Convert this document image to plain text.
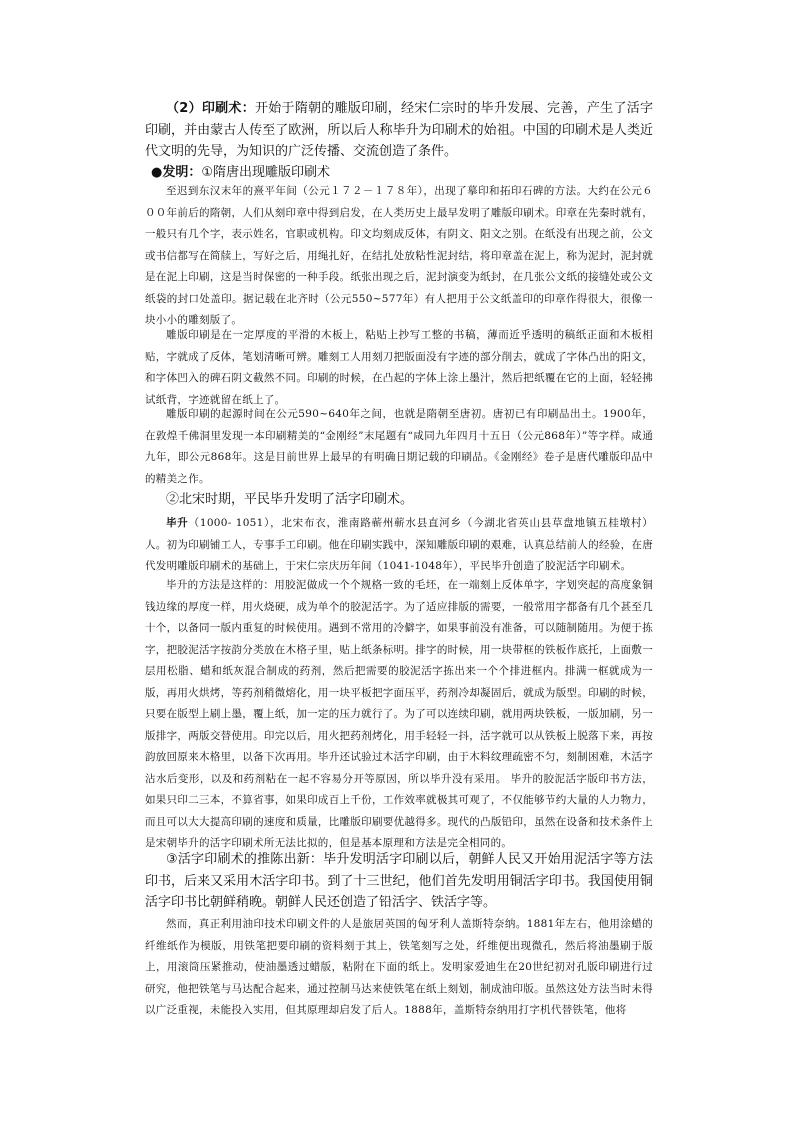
（2）印刷术：开始于隋朝的雕版印刷，经宋仁宗时的毕升发展、完善，产生了活字印刷，并由蒙古人传至了欧洲，所以后人称毕升为印刷术的始祖。中国的印刷术是人类近代文明的先导，为知识的广泛传播、交流创造了条件。

●发明：①隋唐出现雕版印刷术

至迟到东汉末年的熹平年间（公元１７２－１７８年），出现了摹印和拓印石碑的方法。大约在公元６００年前后的隋朝，人们从刻印章中得到启发，在人类历史上最早发明了雕版印刷术。印章在先秦时就有，一般只有几个字，表示姓名，官职或机构。印文均刻成反体，有阴文、阳文之别。在纸没有出现之前，公文或书信都写在简牍上，写好之后，用绳扎好，在结扎处放粘性泥封结，将印章盖在泥上，称为泥封，泥封就是在泥上印刷，这是当时保密的一种手段。纸张出现之后，泥封演变为纸封，在几张公文纸的接缝处或公文纸袋的封口处盖印。据记载在北齐时（公元550~577年）有人把用于公文纸盖印的印章作得很大，很像一块小小的雕刻版了。

雕版印刷是在一定厚度的平滑的木板上，粘贴上抄写工整的书稿，薄而近乎透明的稿纸正面和木板相贴，字就成了反体，笔划清晰可辨。雕刻工人用刻刀把版面没有字迹的部分削去，就成了字体凸出的阳文，和字体凹入的碑石阴文截然不同。印刷的时候，在凸起的字体上涂上墨汁，然后把纸覆在它的上面，轻轻拂试纸背，字迹就留在纸上了。

雕版印刷的起源时间在公元590~640年之间，也就是隋朝至唐初。唐初已有印刷品出土。1900年，在敦煌千佛洞里发现一本印刷精美的“金刚经”末尾题有“咸同九年四月十五日（公元868年）”等字样。咸通九年，即公元868年。这是目前世界上最早的有明确日期记载的印刷品。《金刚经》卷子是唐代雕版印品中的精美之作。

②北宋时期，平民毕升发明了活字印刷术。

毕升（1000- 1051），北宋布衣，淮南路蕲州蕲水县直河乡（今湖北省英山县草盘地镇五桂墩村）人。初为印刷铺工人，专事手工印刷。他在印刷实践中，深知雕版印刷的艰难，认真总结前人的经验，在唐代发明雕版印刷术的基础上，于宋仁宗庆历年间（1041-1048年），平民毕升创造了胶泥活字印刷术。

毕升的方法是这样的：用胶泥做成一个个规格一致的毛坯，在一端刻上反体单字，字划突起的高度象铜钱边缘的厚度一样，用火烧硬，成为单个的胶泥活字。为了适应排版的需要，一般常用字都备有几个甚至几十个，以备同一版内重复的时候使用。遇到不常用的冷僻字，如果事前没有准备，可以随制随用。为便于拣字，把胶泥活字按韵分类放在木格子里，贴上纸条标明。排字的时候，用一块带框的铁板作底托，上面敷一层用松脂、蜡和纸灰混合制成的药剂，然后把需要的胶泥活字拣出来一个个排进框内。排满一框就成为一版，再用火烘烤，等药剂稍微熔化，用一块平板把字面压平，药剂冷却凝固后，就成为版型。印刷的时候，只要在版型上刷上墨，覆上纸，加一定的压力就行了。为了可以连续印刷，就用两块铁板，一版加刷，另一版排字，两版交替使用。印完以后，用火把药剂烤化，用手轻轻一抖，活字就可以从铁板上脱落下来，再按韵放回原来木格里，以备下次再用。毕升还试验过木活字印刷，由于木料纹理疏密不匀，刻制困难，木活字沾水后变形，以及和药剂粘在一起不容易分开等原因，所以毕升没有采用。 毕升的胶泥活字版印书方法，如果只印二三本，不算省事，如果印成百上千份，工作效率就极其可观了，不仅能够节约大量的人力物力，而且可以大大提高印刷的速度和质量，比雕版印刷要优越得多。现代的凸版铅印，虽然在设备和技术条件上是宋朝毕升的活字印刷术所无法比拟的，但是基本原理和方法是完全相同的。

③活字印刷术的推陈出新：毕升发明活字印刷以后，朝鲜人民又开始用泥活字等方法印书，后来又采用木活字印书。到了十三世纪，他们首先发明用铜活字印书。我国使用铜活字印书比朝鲜稍晚。朝鲜人民还创造了铅活字、铁活字等。

然而，真正利用油印技术印刷文件的人是旅居英国的匈牙利人盖斯特奈纳。1881年左右，他用涂蜡的纤维纸作为模版，用铁笔把要印刷的资料刻于其上，铁笔刻写之处，纤维便出现微孔，然后将油墨刷于版上，用滚筒压紧推动，使油墨透过蜡版，粘附在下面的纸上。发明家爱迪生在20世纪初对孔版印刷进行过研究，他把铁笔与马达配合起来，通过控制马达来使铁笔在纸上刻划，制成油印版。虽然这处方法当时未得以广泛重视，未能投入实用，但其原理却启发了后人。1888年，盖斯特奈纳用打字机代替铁笔，他将
